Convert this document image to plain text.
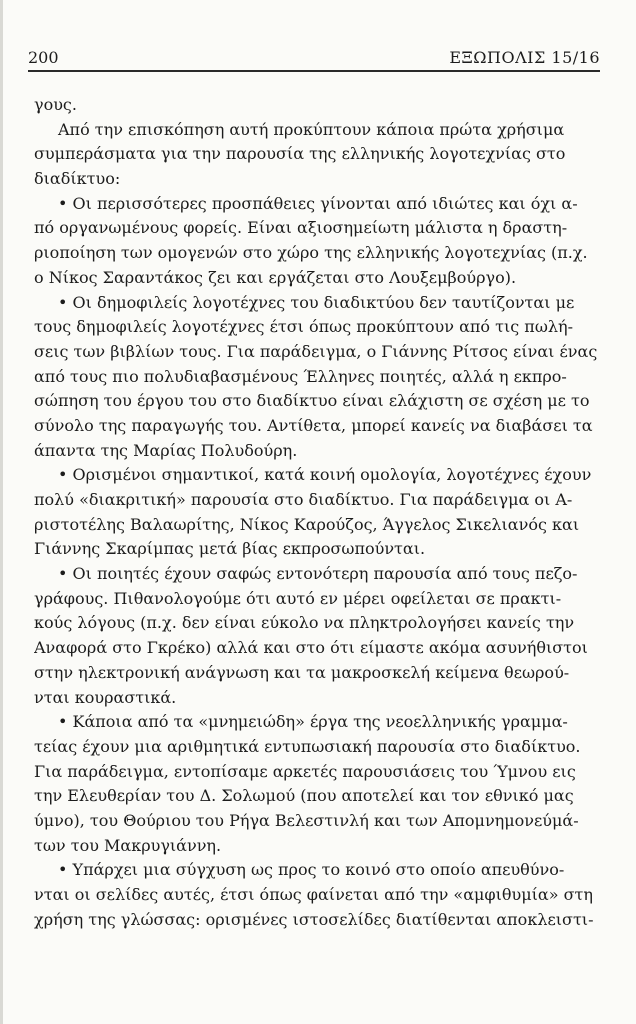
200	ΕΞΩΠΟΛΙΣ 15/16
γους.
Από την επισκόπηση αυτή προκύπτουν κάποια πρώτα χρήσιμα
συμπεράσματα για την παρουσία της ελληνικής λογοτεχνίας στο
διαδίκτυο:
• Οι περισσότερες προσπάθειες γίνονται από ιδιώτες και όχι α-
πό οργανωμένους φορείς. Είναι αξιοσημείωτη μάλιστα η δραστη-
ριοποίηση των ομογενών στο χώρο της ελληνικής λογοτεχνίας (π.χ.
ο Νίκος Σαραντάκος ζει και εργάζεται στο Λουξεμβούργο).
• Οι δημοφιλείς λογοτέχνες του διαδικτύου δεν ταυτίζονται με
τους δημοφιλείς λογοτέχνες έτσι όπως προκύπτουν από τις πωλή-
σεις των βιβλίων τους. Για παράδειγμα, ο Γιάννης Ρίτσος είναι ένας
από τους πιο πολυδιαβασμένους Έλληνες ποιητές, αλλά η εκπρο-
σώπηση του έργου του στο διαδίκτυο είναι ελάχιστη σε σχέση με το
σύνολο της παραγωγής του. Αντίθετα, μπορεί κανείς να διαβάσει τα
άπαντα της Μαρίας Πολυδούρη.
• Ορισμένοι σημαντικοί, κατά κοινή ομολογία, λογοτέχνες έχουν
πολύ «διακριτική» παρουσία στο διαδίκτυο. Για παράδειγμα οι Α-
ριστοτέλης Βαλαωρίτης, Νίκος Καρούζος, Άγγελος Σικελιανός και
Γιάννης Σκαρίμπας μετά βίας εκπροσωπούνται.
• Οι ποιητές έχουν σαφώς εντονότερη παρουσία από τους πεζο-
γράφους. Πιθανολογούμε ότι αυτό εν μέρει οφείλεται σε πρακτι-
κούς λόγους (π.χ. δεν είναι εύκολο να πληκτρολογήσει κανείς την
Αναφορά στο Γκρέκο) αλλά και στο ότι είμαστε ακόμα ασυνήθιστοι
στην ηλεκτρονική ανάγνωση και τα μακροσκελή κείμενα θεωρού-
νται κουραστικά.
• Κάποια από τα «μνημειώδη» έργα της νεοελληνικής γραμμα-
τείας έχουν μια αριθμητικά εντυπωσιακή παρουσία στο διαδίκτυο.
Για παράδειγμα, εντοπίσαμε αρκετές παρουσιάσεις του Ύμνου εις
την Ελευθερίαν του Δ. Σολωμού (που αποτελεί και τον εθνικό μας
ύμνο), του Θούριου του Ρήγα Βελεστινλή και των Απομνημονεύμά-
των του Μακρυγιάννη.
• Υπάρχει μια σύγχυση ως προς το κοινό στο οποίο απευθύνο-
νται οι σελίδες αυτές, έτσι όπως φαίνεται από την «αμφιθυμία» στη
χρήση της γλώσσας: ορισμένες ιστοσελίδες διατίθενται αποκλειστι-
